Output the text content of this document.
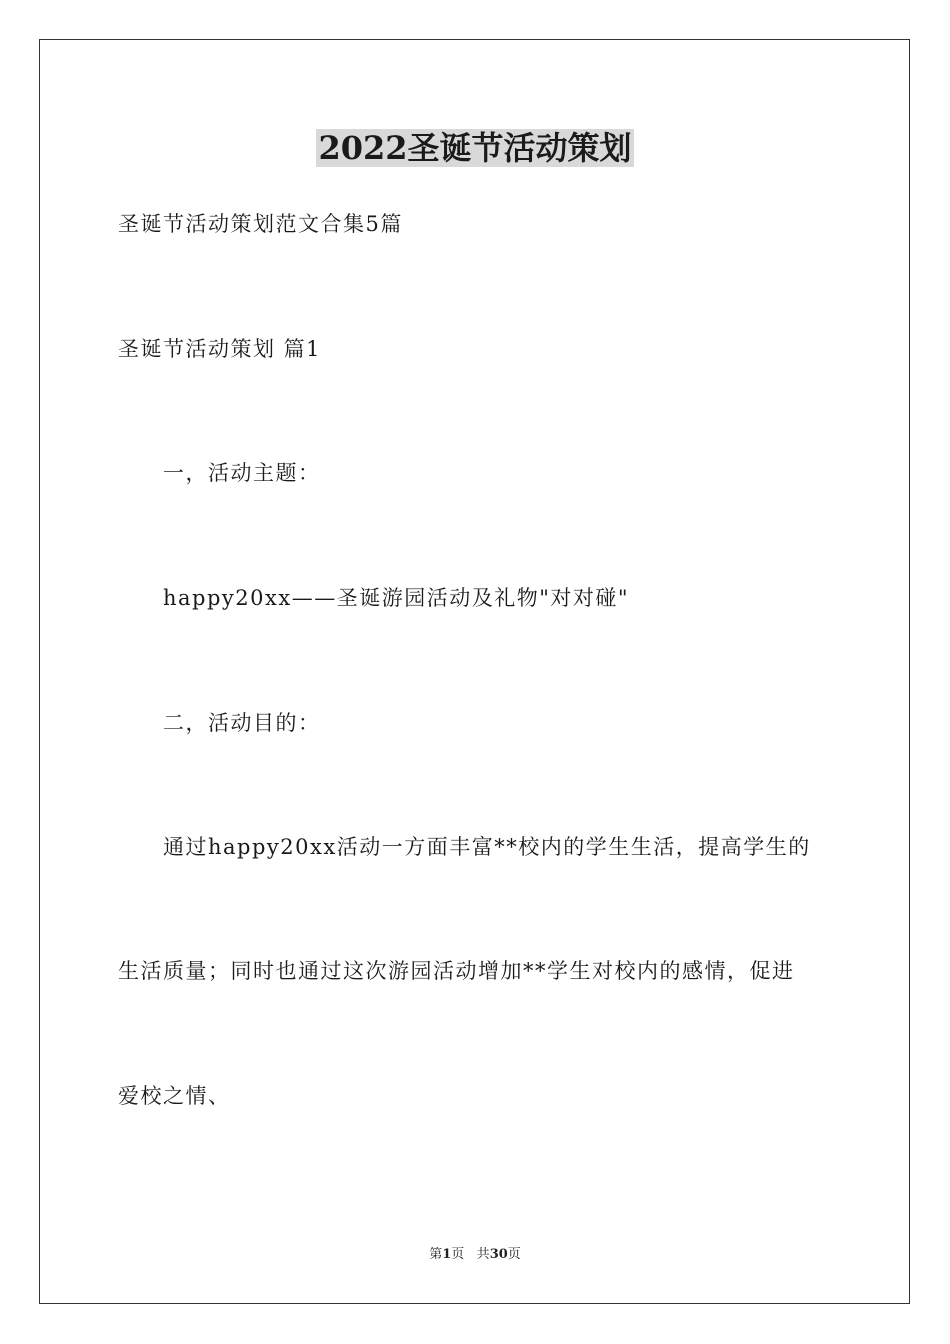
2022圣诞节活动策划
圣诞节活动策划范文合集5篇
圣诞节活动策划 篇1
一，活动主题：
happy20xx——圣诞游园活动及礼物"对对碰"
二，活动目的：
通过happy20xx活动一方面丰富**校内的学生生活，提高学生的
生活质量；同时也通过这次游园活动增加**学生对校内的感情，促进
爱校之情、
第1页 共30页
